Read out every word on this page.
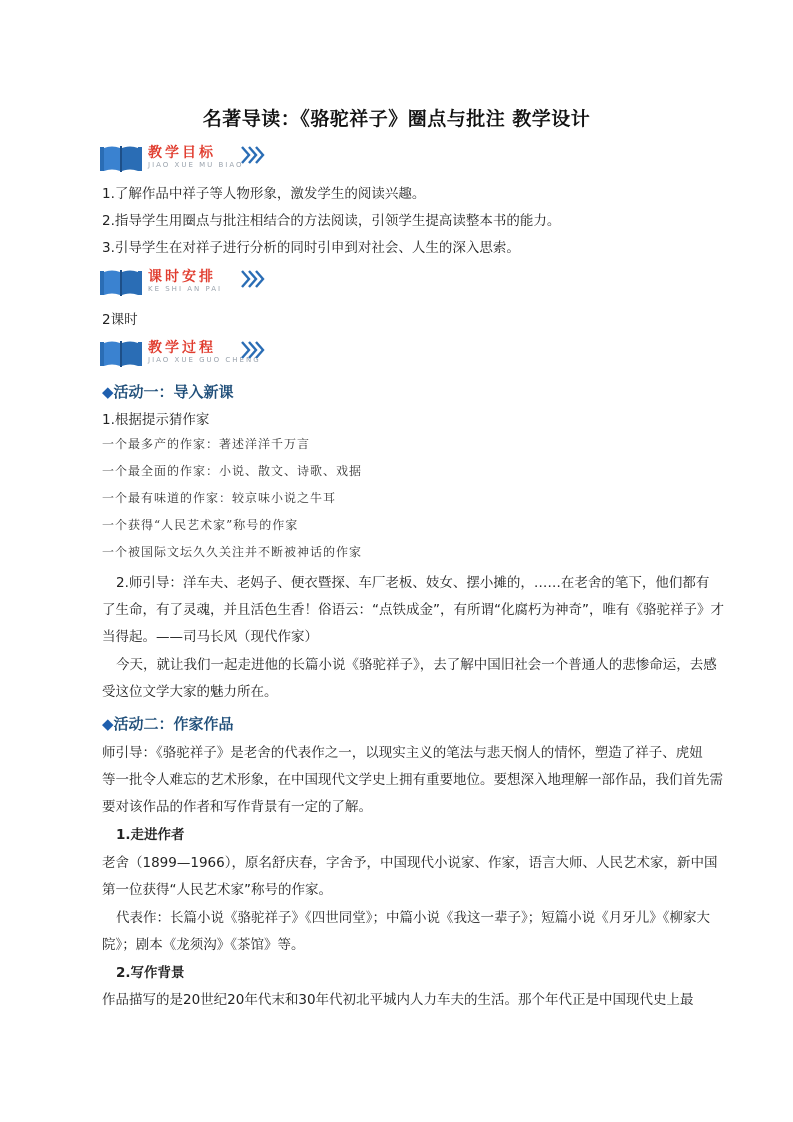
名著导读：《骆驼祥子》圈点与批注 教学设计
教学目标
JIAO XUE MU BIAO
1.了解作品中祥子等人物形象，激发学生的阅读兴趣。
2.指导学生用圈点与批注相结合的方法阅读，引领学生提高读整本书的能力。
3.引导学生在对祥子进行分析的同时引申到对社会、人生的深入思索。
课时安排
KE SHI AN PAI
2课时
教学过程
JIAO XUE GUO CHENG
◆活动一：导入新课
1.根据提示猜作家
一个最多产的作家：著述洋洋千万言
一个最全面的作家：小说、散文、诗歌、戏据
一个最有味道的作家：较京味小说之牛耳
一个获得“人民艺术家”称号的作家
一个被国际文坛久久关注并不断被神话的作家
2.师引导：洋车夫、老妈子、便衣暨探、车厂老板、妓女、摆小摊的，……在老舍的笔下，他们都有
了生命，有了灵魂，并且活色生香！俗语云：“点铁成金”，有所谓“化腐朽为神奇”，唯有《骆驼祥子》才
当得起。——司马长风（现代作家）
今天，就让我们一起走进他的长篇小说《骆驼祥子》，去了解中国旧社会一个普通人的悲惨命运，去感
受这位文学大家的魅力所在。
◆活动二：作家作品
师引导：《骆驼祥子》是老舍的代表作之一，以现实主义的笔法与悲天悯人的情怀，塑造了祥子、虎妞
等一批令人难忘的艺术形象，在中国现代文学史上拥有重要地位。要想深入地理解一部作品，我们首先需
要对该作品的作者和写作背景有一定的了解。
1.走进作者
老舍（1899—1966），原名舒庆春，字舍予，中国现代小说家、作家，语言大师、人民艺术家，新中国
第一位获得“人民艺术家”称号的作家。
代表作：长篇小说《骆驼祥子》《四世同堂》；中篇小说《我这一辈子》；短篇小说《月牙儿》《柳家大
院》；剧本《龙须沟》《茶馆》等。
2.写作背景
作品描写的是20世纪20年代末和30年代初北平城内人力车夫的生活。那个年代正是中国现代史上最
